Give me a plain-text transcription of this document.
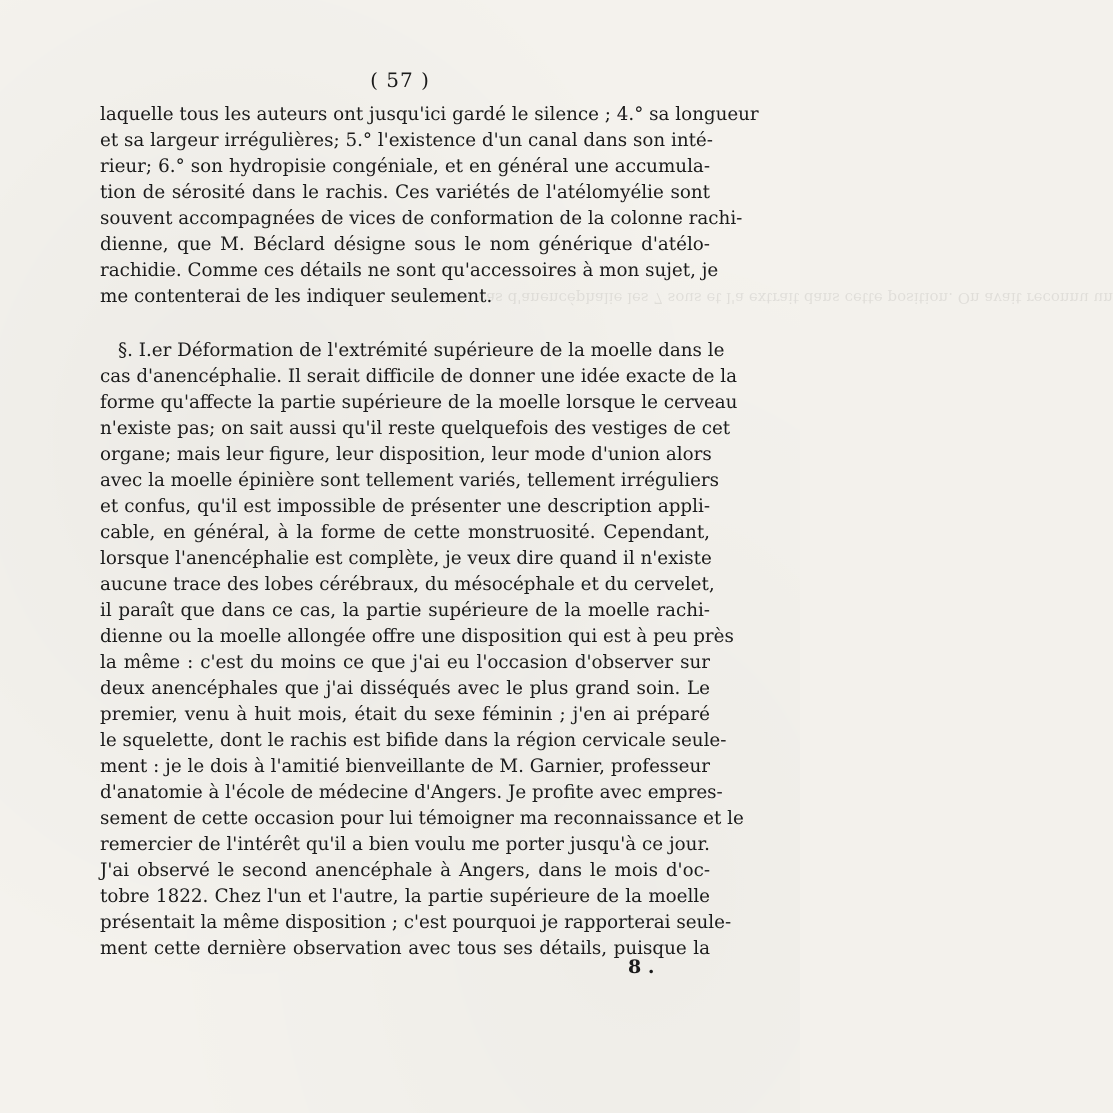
d'un cas d'anencéphalie les 7 sous et l'a extrait dans cette position. On avait reconnu un
( 57 )
laquelle tous les auteurs ont jusqu'ici gardé le silence ; 4.° sa longueur
et sa largeur irrégulières; 5.° l'existence d'un canal dans son inté-
rieur; 6.° son hydropisie congéniale, et en général une accumula-
tion de sérosité dans le rachis. Ces variétés de l'atélomyélie sont
souvent accompagnées de vices de conformation de la colonne rachi-
dienne, que M. Béclard désigne sous le nom générique d'atélo-
rachidie. Comme ces détails ne sont qu'accessoires à mon sujet, je
me contenterai de les indiquer seulement.
§. I.er Déformation de l'extrémité supérieure de la moelle dans le
cas d'anencéphalie. Il serait difficile de donner une idée exacte de la
forme qu'affecte la partie supérieure de la moelle lorsque le cerveau
n'existe pas; on sait aussi qu'il reste quelquefois des vestiges de cet
organe; mais leur figure, leur disposition, leur mode d'union alors
avec la moelle épinière sont tellement variés, tellement irréguliers
et confus, qu'il est impossible de présenter une description appli-
cable, en général, à la forme de cette monstruosité. Cependant,
lorsque l'anencéphalie est complète, je veux dire quand il n'existe
aucune trace des lobes cérébraux, du mésocéphale et du cervelet,
il paraît que dans ce cas, la partie supérieure de la moelle rachi-
dienne ou la moelle allongée offre une disposition qui est à peu près
la même : c'est du moins ce que j'ai eu l'occasion d'observer sur
deux anencéphales que j'ai disséqués avec le plus grand soin. Le
premier, venu à huit mois, était du sexe féminin ; j'en ai préparé
le squelette, dont le rachis est bifide dans la région cervicale seule-
ment : je le dois à l'amitié bienveillante de M. Garnier, professeur
d'anatomie à l'école de médecine d'Angers. Je profite avec empres-
sement de cette occasion pour lui témoigner ma reconnaissance et le
remercier de l'intérêt qu'il a bien voulu me porter jusqu'à ce jour.
J'ai observé le second anencéphale à Angers, dans le mois d'oc-
tobre 1822. Chez l'un et l'autre, la partie supérieure de la moelle
présentait la même disposition ; c'est pourquoi je rapporterai seule-
ment cette dernière observation avec tous ses détails, puisque la
8 .
